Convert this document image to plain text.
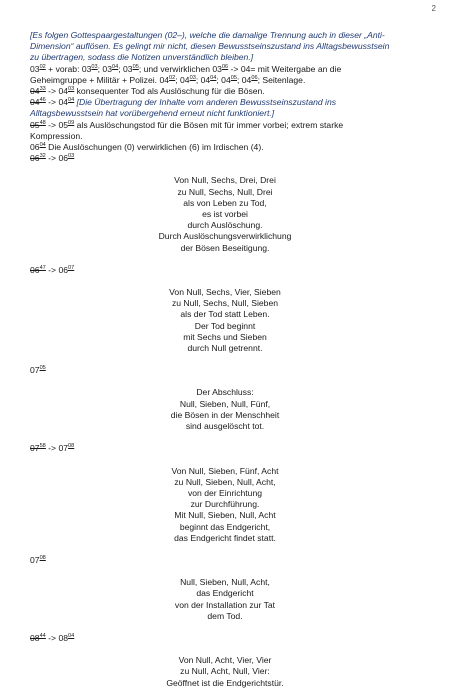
2
[Es folgen Gottespaargestaltungen (02–), welche die damalige Trennung auch in dieser „Anti-
Dimension“ auflösen. Es gelingt mir nicht, diesen Bewusstseinszustand ins Alltagsbewusstsein
zu übertragen, sodass die Notizen unverständlich bleiben.]
$03^{02}$ + vorab: $03^{03}$; $03^{04}$; $03^{05}$; und verwirklichen $03^{06} -> 04=$ mit Weitergabe an die
Geheimgruppe + Militär + Polizei. $04^{02}$; $04^{03}$; $04^{04}$; $04^{05}$; $04^{06}$; Seitenlage.
$04^{33} -> 04^{03}$ konsequenter Tod als Auslöschung für die Bösen.
$04^{46} -> 04^{04}$ [Die Übertragung der Inhalte vom anderen Bewusstseinszustand ins
Alltagsbewusstsein hat vorübergehend erneut nicht funktioniert.]
$05^{48} -> 05^{09}$ als Auslöschungstod für die Bösen mit für immer vorbei; extrem starke
Kompression.
$06^{04}$ Die Auslöschungen (0) verwirklichen (6) im Irdischen (4).
$06^{32} -> 06^{03}$
Von Null, Sechs, Drei, Drei
zu Null, Sechs, Null, Drei
als von Leben zu Tod,
es ist vorbei
durch Auslöschung.
Durch Auslöschungsverwirklichung
der Bösen Beseitigung.
$06^{47} -> 06^{07}$
Von Null, Sechs, Vier, Sieben
zu Null, Sechs, Null, Sieben
als der Tod statt Leben.
Der Tod beginnt
mit Sechs und Sieben
durch Null getrennt.
$07^{05}$
Der Abschluss:
Null, Sieben, Null, Fünf,
die Bösen in der Menschheit
sind ausgelöscht tot.
$07^{58} -> 07^{08}$
Von Null, Sieben, Fünf, Acht
zu Null, Sieben, Null, Acht,
von der Einrichtung
zur Durchführung.
Mit Null, Sieben, Null, Acht
beginnt das Endgericht,
das Endgericht findet statt.
$07^{08}$
Null, Sieben, Null, Acht,
das Endgericht
von der Installation zur Tat
dem Tod.
$08^{44} -> 08^{04}$
Von Null, Acht, Vier, Vier
zu Null, Acht, Null, Vier:
Geöffnet ist die Endgerichtstür.
